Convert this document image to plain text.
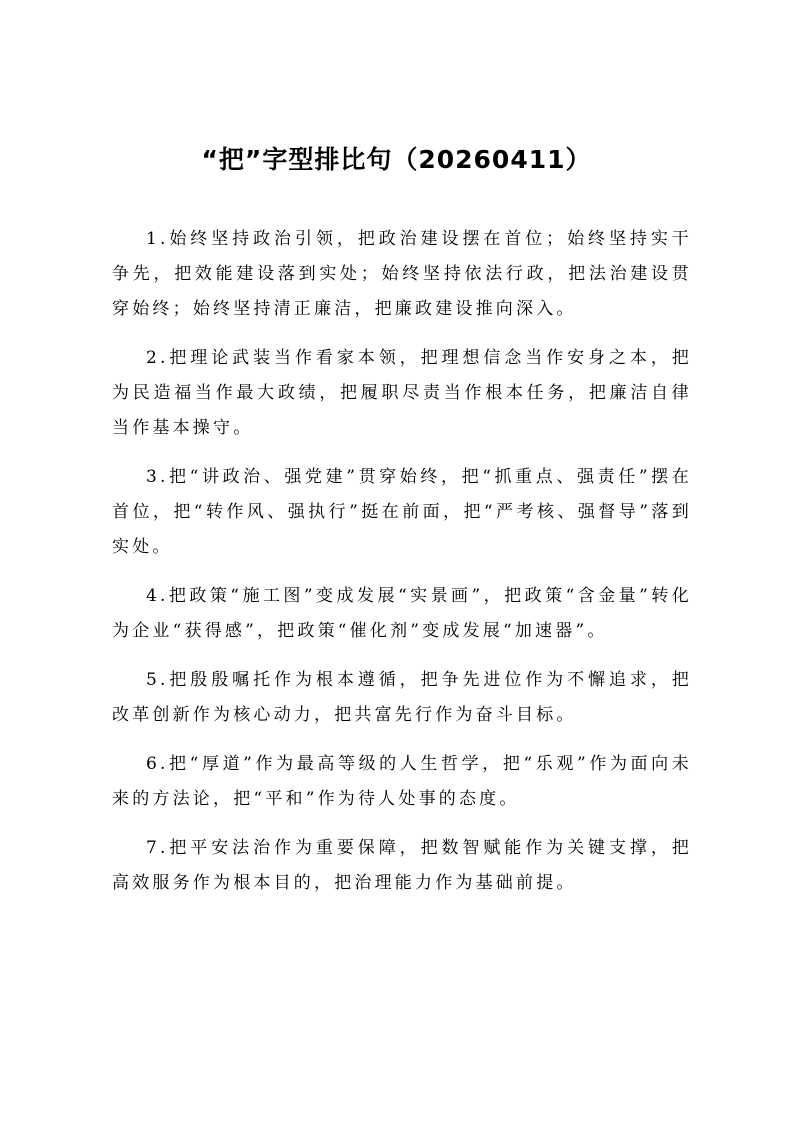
“把”字型排比句（20260411）

1.始终坚持政治引领，把政治建设摆在首位；始终坚持实干争先，把效能建设落到实处；始终坚持依法行政，把法治建设贯穿始终；始终坚持清正廉洁，把廉政建设推向深入。

2.把理论武装当作看家本领，把理想信念当作安身之本，把为民造福当作最大政绩，把履职尽责当作根本任务，把廉洁自律当作基本操守。

3.把“讲政治、强党建”贯穿始终，把“抓重点、强责任”摆在首位，把“转作风、强执行”挺在前面，把“严考核、强督导”落到实处。

4.把政策“施工图”变成发展“实景画”，把政策“含金量”转化为企业“获得感”，把政策“催化剂”变成发展“加速器”。

5.把殷殷嘱托作为根本遵循，把争先进位作为不懈追求，把改革创新作为核心动力，把共富先行作为奋斗目标。

6.把“厚道”作为最高等级的人生哲学，把“乐观”作为面向未来的方法论，把“平和”作为待人处事的态度。

7.把平安法治作为重要保障，把数智赋能作为关键支撑，把高效服务作为根本目的，把治理能力作为基础前提。
